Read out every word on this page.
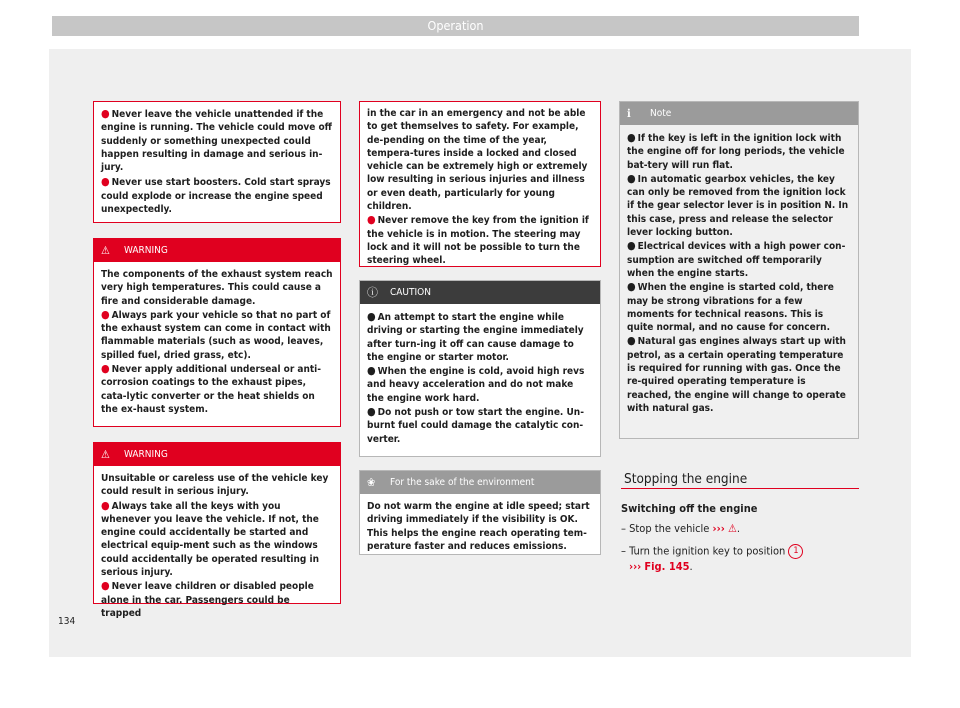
Operation

● Never leave the vehicle unattended if the engine is running. The vehicle could move off suddenly or something unexpected could happen resulting in damage and serious in-jury.

● Never use start boosters. Cold start sprays could explode or increase the engine speed unexpectedly.

⚠ WARNING

The components of the exhaust system reach very high temperatures. This could cause a fire and considerable damage.

● Always park your vehicle so that no part of the exhaust system can come in contact with flammable materials (such as wood, leaves, spilled fuel, dried grass, etc).

● Never apply additional underseal or anti-corrosion coatings to the exhaust pipes, cata-lytic converter or the heat shields on the ex-haust system.

⚠ WARNING

Unsuitable or careless use of the vehicle key could result in serious injury.

● Always take all the keys with you whenever you leave the vehicle. If not, the engine could accidentally be started and electrical equip-ment such as the windows could accidentally be operated resulting in serious injury.

● Never leave children or disabled people alone in the car. Passengers could be trapped

in the car in an emergency and not be able to get themselves to safety. For example, de-pending on the time of the year, tempera-tures inside a locked and closed vehicle can be extremely high or extremely low resulting in serious injuries and illness or even death, particularly for young children.

● Never remove the key from the ignition if the vehicle is in motion. The steering may lock and it will not be possible to turn the steering wheel.

ⓘ CAUTION

● An attempt to start the engine while driving or starting the engine immediately after turn-ing it off can cause damage to the engine or starter motor.

● When the engine is cold, avoid high revs and heavy acceleration and do not make the engine work hard.

● Do not push or tow start the engine. Un-burnt fuel could damage the catalytic con-verter.

❀ For the sake of the environment

Do not warm the engine at idle speed; start driving immediately if the visibility is OK. This helps the engine reach operating tem-perature faster and reduces emissions.

ℹ Note

● If the key is left in the ignition lock with the engine off for long periods, the vehicle bat-tery will run flat.

● In automatic gearbox vehicles, the key can only be removed from the ignition lock if the gear selector lever is in position N. In this case, press and release the selector lever locking button.

● Electrical devices with a high power con-sumption are switched off temporarily when the engine starts.

● When the engine is started cold, there may be strong vibrations for a few moments for technical reasons. This is quite normal, and no cause for concern.

● Natural gas engines always start up with petrol, as a certain operating temperature is required for running with gas. Once the re-quired operating temperature is reached, the engine will change to operate with natural gas.

Stopping the engine
Switching off the engine
– Stop the vehicle ››› ⚠.
– Turn the ignition key to position 1
››› Fig. 145.
134
